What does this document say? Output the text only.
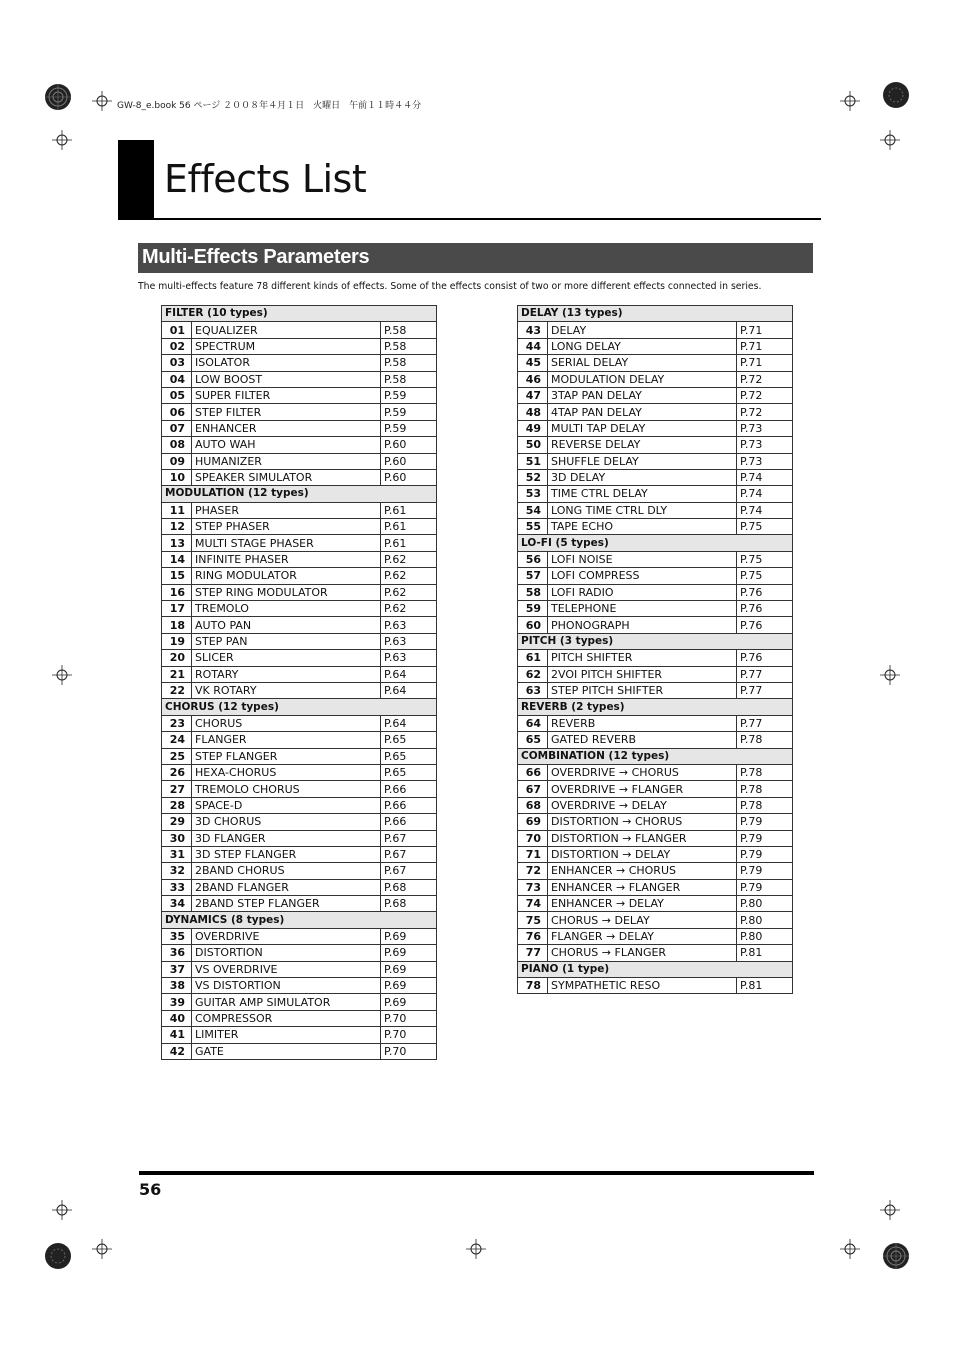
GW-8_e.book 56 ページ ２００８年４月１日　火曜日　午前１１時４４分
Effects List
Multi-Effects Parameters
The multi-effects feature 78 different kinds of effects. Some of the effects consist of two or more different effects connected in series.
FILTER (10 types)		
01	EQUALIZER	P.58
02	SPECTRUM	P.58
03	ISOLATOR	P.58
04	LOW BOOST	P.58
05	SUPER FILTER	P.59
06	STEP FILTER	P.59
07	ENHANCER	P.59
08	AUTO WAH	P.60
09	HUMANIZER	P.60
10	SPEAKER SIMULATOR	P.60
MODULATION (12 types)		
11	PHASER	P.61
12	STEP PHASER	P.61
13	MULTI STAGE PHASER	P.61
14	INFINITE PHASER	P.62
15	RING MODULATOR	P.62
16	STEP RING MODULATOR	P.62
17	TREMOLO	P.62
18	AUTO PAN	P.63
19	STEP PAN	P.63
20	SLICER	P.63
21	ROTARY	P.64
22	VK ROTARY	P.64
CHORUS (12 types)		
23	CHORUS	P.64
24	FLANGER	P.65
25	STEP FLANGER	P.65
26	HEXA-CHORUS	P.65
27	TREMOLO CHORUS	P.66
28	SPACE-D	P.66
29	3D CHORUS	P.66
30	3D FLANGER	P.67
31	3D STEP FLANGER	P.67
32	2BAND CHORUS	P.67
33	2BAND FLANGER	P.68
34	2BAND STEP FLANGER	P.68
DYNAMICS (8 types)		
35	OVERDRIVE	P.69
36	DISTORTION	P.69
37	VS OVERDRIVE	P.69
38	VS DISTORTION	P.69
39	GUITAR AMP SIMULATOR	P.69
40	COMPRESSOR	P.70
41	LIMITER	P.70
42	GATE	P.70
DELAY (13 types)		
43	DELAY	P.71
44	LONG DELAY	P.71
45	SERIAL DELAY	P.71
46	MODULATION DELAY	P.72
47	3TAP PAN DELAY	P.72
48	4TAP PAN DELAY	P.72
49	MULTI TAP DELAY	P.73
50	REVERSE DELAY	P.73
51	SHUFFLE DELAY	P.73
52	3D DELAY	P.74
53	TIME CTRL DELAY	P.74
54	LONG TIME CTRL DLY	P.74
55	TAPE ECHO	P.75
LO-FI (5 types)		
56	LOFI NOISE	P.75
57	LOFI COMPRESS	P.75
58	LOFI RADIO	P.76
59	TELEPHONE	P.76
60	PHONOGRAPH	P.76
PITCH (3 types)		
61	PITCH SHIFTER	P.76
62	2VOI PITCH SHIFTER	P.77
63	STEP PITCH SHIFTER	P.77
REVERB (2 types)		
64	REVERB	P.77
65	GATED REVERB	P.78
COMBINATION (12 types)		
66	OVERDRIVE → CHORUS	P.78
67	OVERDRIVE → FLANGER	P.78
68	OVERDRIVE → DELAY	P.78
69	DISTORTION → CHORUS	P.79
70	DISTORTION → FLANGER	P.79
71	DISTORTION → DELAY	P.79
72	ENHANCER → CHORUS	P.79
73	ENHANCER → FLANGER	P.79
74	ENHANCER → DELAY	P.80
75	CHORUS → DELAY	P.80
76	FLANGER → DELAY	P.80
77	CHORUS → FLANGER	P.81
PIANO (1 type)		
78	SYMPATHETIC RESO	P.81
56
